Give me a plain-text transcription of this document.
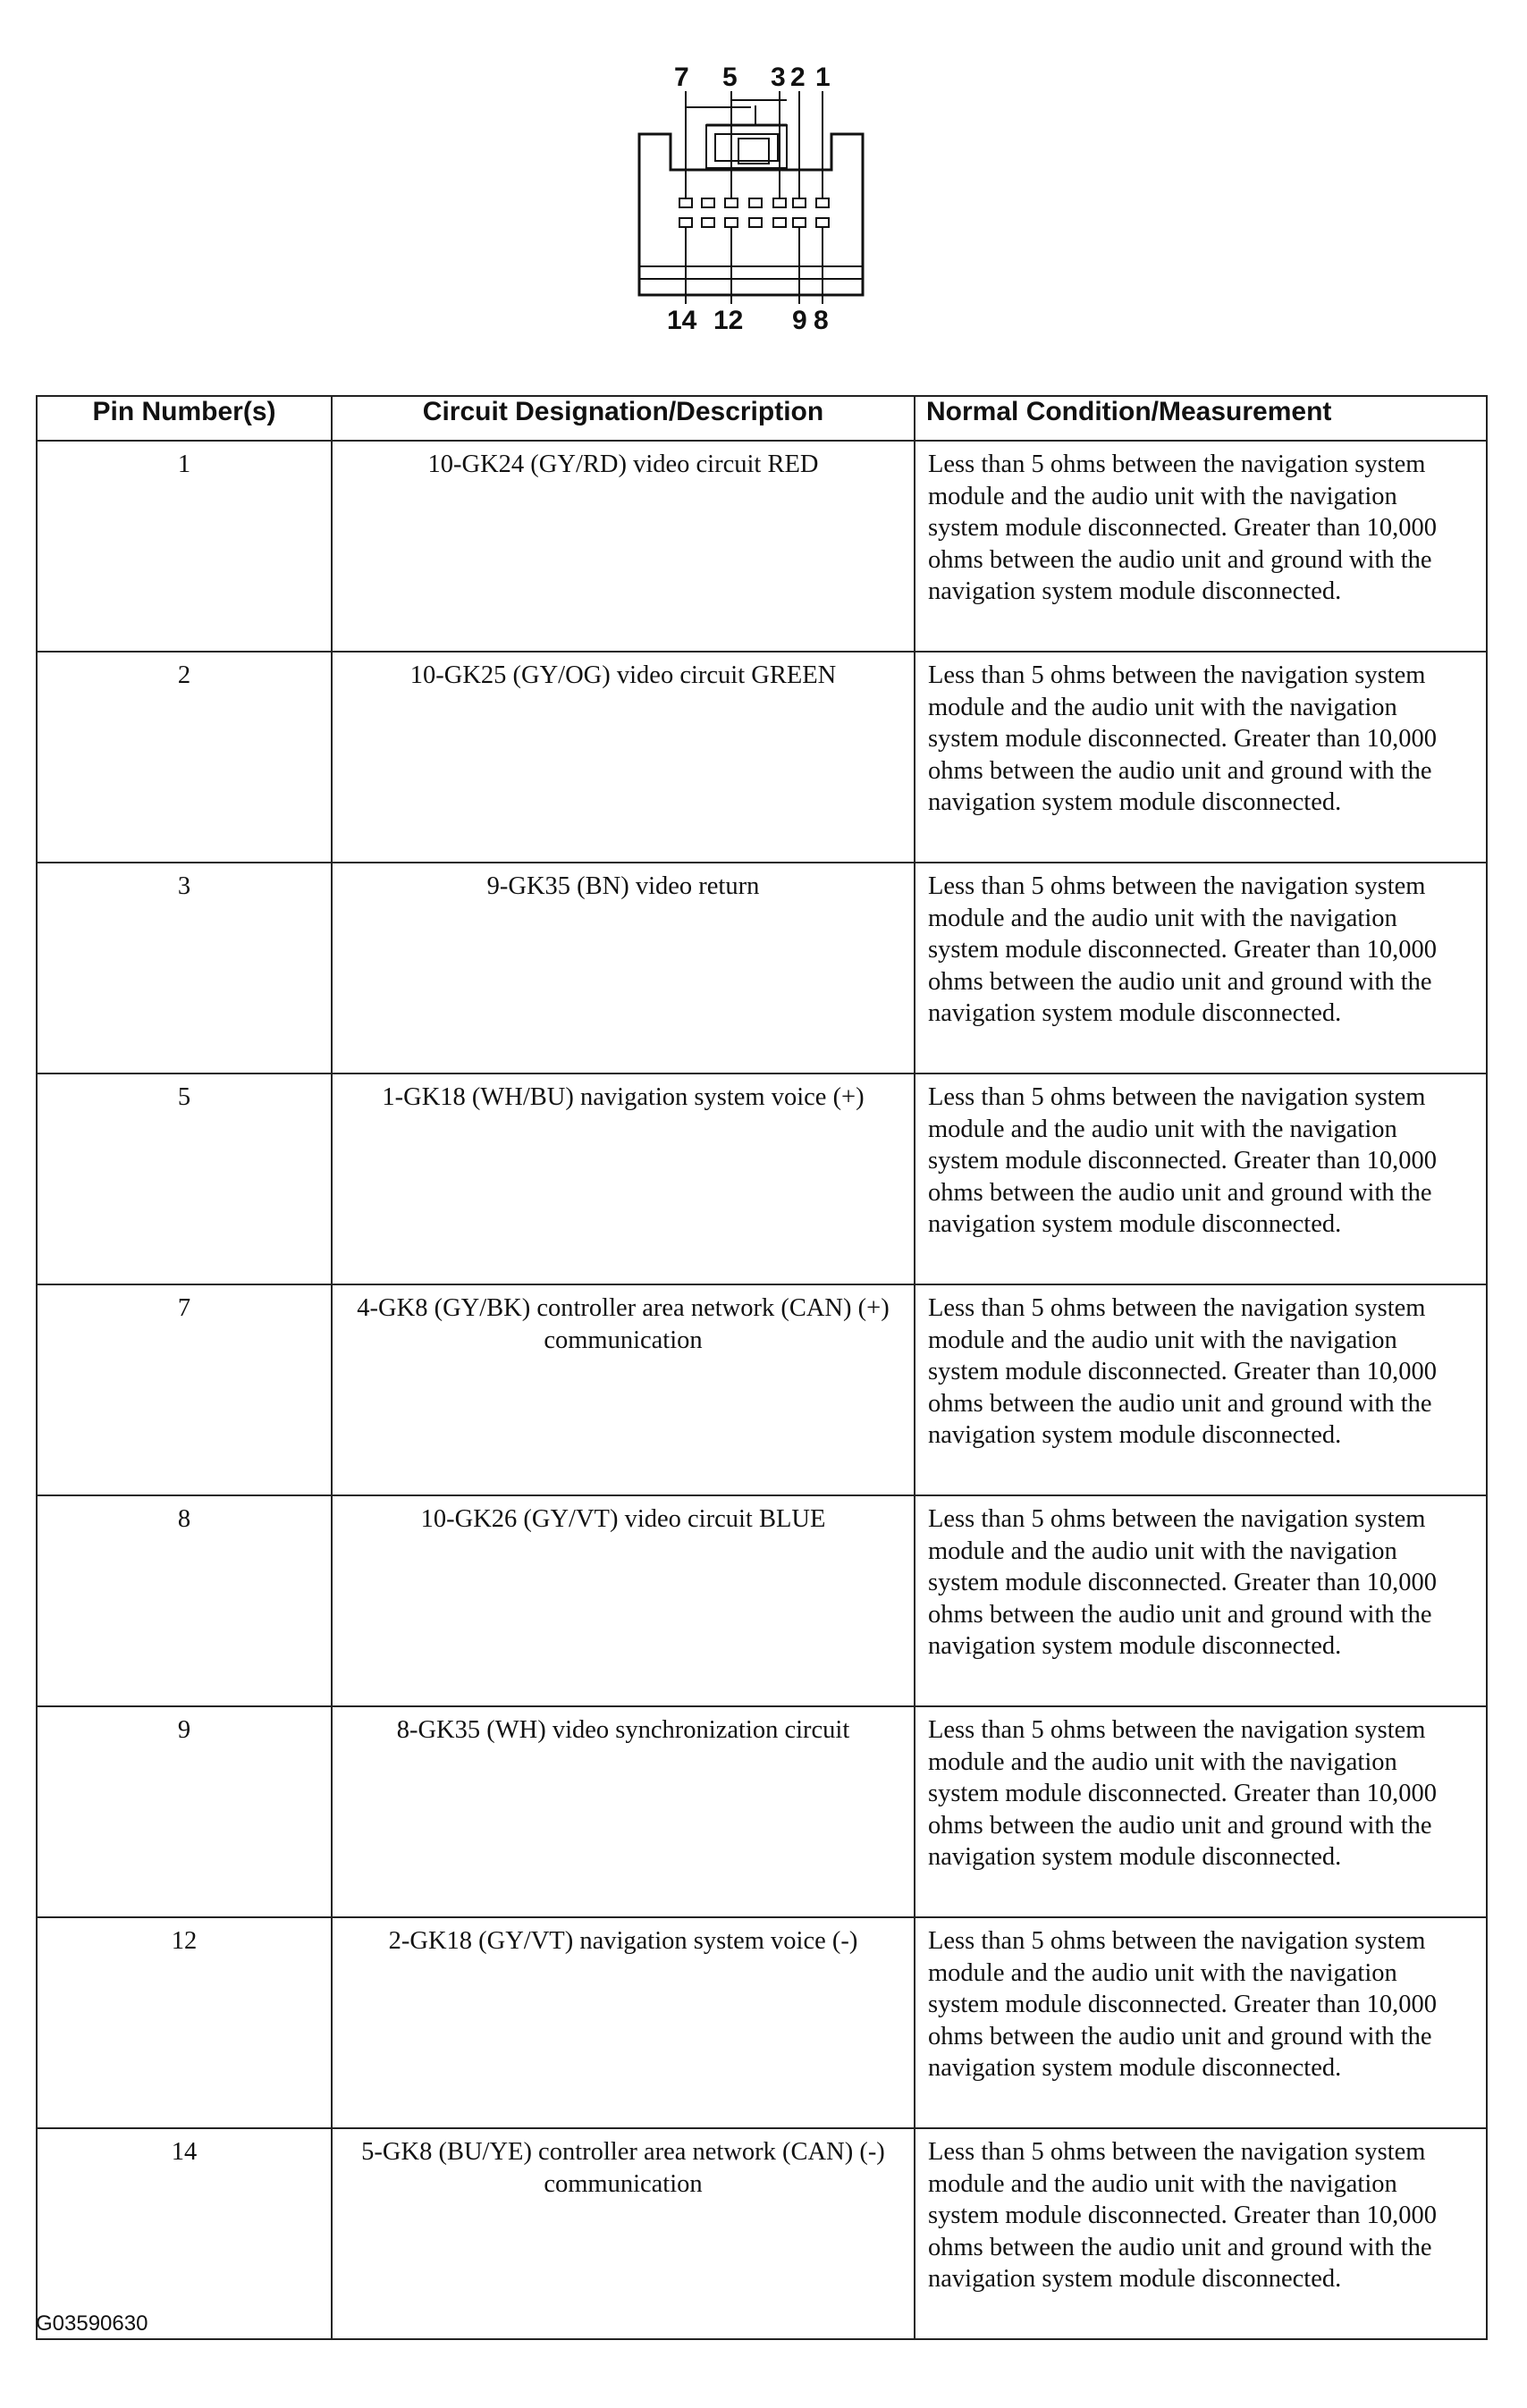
7 5 3 2 1
14 12 9 8
Pin Number(s)	Circuit Designation/Description	Normal Condition/Measurement
1	10-GK24 (GY/RD) video circuit RED	Less than 5 ohms between the navigation system module and the audio unit with the navigation system module disconnected. Greater than 10,000 ohms between the audio unit and ground with the navigation system module disconnected.
2	10-GK25 (GY/OG) video circuit GREEN	Less than 5 ohms between the navigation system module and the audio unit with the navigation system module disconnected. Greater than 10,000 ohms between the audio unit and ground with the navigation system module disconnected.
3	9-GK35 (BN) video return	Less than 5 ohms between the navigation system module and the audio unit with the navigation system module disconnected. Greater than 10,000 ohms between the audio unit and ground with the navigation system module disconnected.
5	1-GK18 (WH/BU) navigation system voice (+)	Less than 5 ohms between the navigation system module and the audio unit with the navigation system module disconnected. Greater than 10,000 ohms between the audio unit and ground with the navigation system module disconnected.
7	4-GK8 (GY/BK) controller area network (CAN) (+) communication	Less than 5 ohms between the navigation system module and the audio unit with the navigation system module disconnected. Greater than 10,000 ohms between the audio unit and ground with the navigation system module disconnected.
8	10-GK26 (GY/VT) video circuit BLUE	Less than 5 ohms between the navigation system module and the audio unit with the navigation system module disconnected. Greater than 10,000 ohms between the audio unit and ground with the navigation system module disconnected.
9	8-GK35 (WH) video synchronization circuit	Less than 5 ohms between the navigation system module and the audio unit with the navigation system module disconnected. Greater than 10,000 ohms between the audio unit and ground with the navigation system module disconnected.
12	2-GK18 (GY/VT) navigation system voice (-)	Less than 5 ohms between the navigation system module and the audio unit with the navigation system module disconnected. Greater than 10,000 ohms between the audio unit and ground with the navigation system module disconnected.
14	5-GK8 (BU/YE) controller area network (CAN) (-) communication	Less than 5 ohms between the navigation system module and the audio unit with the navigation system module disconnected. Greater than 10,000 ohms between the audio unit and ground with the navigation system module disconnected.
G03590630
